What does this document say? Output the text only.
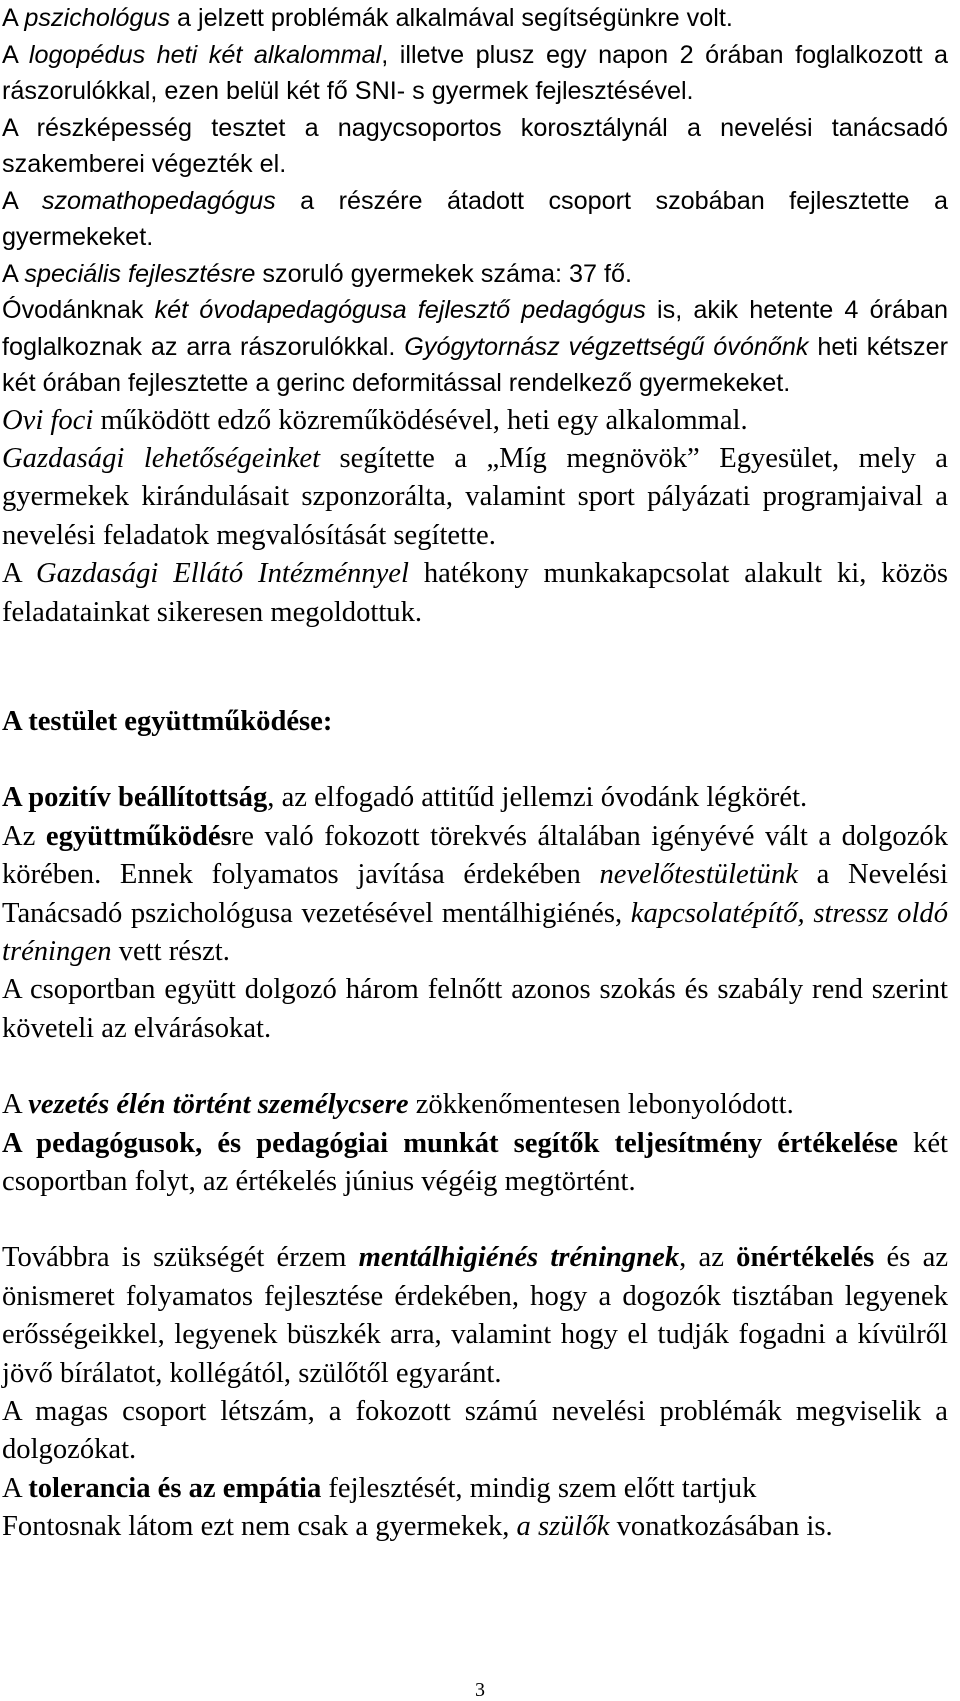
A pszichológus a jelzett problémák alkalmával segítségünkre volt.

A logopédus heti két alkalommal, illetve plusz egy napon 2 órában foglalkozott a rászorulókkal, ezen belül két fő SNI- s gyermek fejlesztésével.

A részképesség tesztet a nagycsoportos korosztálynál a nevelési tanácsadó szakemberei végezték el.

A szomathopedagógus a részére átadott csoport szobában fejlesztette a gyermekeket.

A speciális fejlesztésre szoruló gyermekek száma: 37 fő.

Óvodánknak két óvodapedagógusa fejlesztő pedagógus is, akik hetente 4 órában foglalkoznak az arra rászorulókkal. Gyógytornász végzettségű óvónőnk heti kétszer két órában fejlesztette a gerinc deformitással rendelkező gyermekeket.

Ovi foci működött edző közreműködésével, heti egy alkalommal.

Gazdasági lehetőségeinket segítette a „Míg megnövök” Egyesület, mely a gyermekek kirándulásait szponzorálta, valamint sport pályázati programjaival a nevelési feladatok megvalósítását segítette.

A Gazdasági Ellátó Intézménnyel hatékony munkakapcsolat alakult ki, közös feladatainkat sikeresen megoldottuk.

A testület együttműködése:

A pozitív beállítottság, az elfogadó attitűd jellemzi óvodánk légkörét.

Az együttműködésre való fokozott törekvés általában igényévé vált a dolgozók körében. Ennek folyamatos javítása érdekében nevelőtestületünk a Nevelési Tanácsadó pszichológusa vezetésével mentálhigiénés, kapcsolatépítő, stressz oldó tréningen vett részt.

A csoportban együtt dolgozó három felnőtt azonos szokás és szabály rend szerint követeli az elvárásokat.

A vezetés élén történt személycsere zökkenőmentesen lebonyolódott.

A pedagógusok, és pedagógiai munkát segítők teljesítmény értékelése két csoportban folyt, az értékelés június végéig megtörtént.

Továbbra is szükségét érzem mentálhigiénés tréningnek, az önértékelés és az önismeret folyamatos fejlesztése érdekében, hogy a dogozók tisztában legyenek erősségeikkel, legyenek büszkék arra, valamint hogy el tudják fogadni a kívülről jövő bírálatot, kollégától, szülőtől egyaránt.

A magas csoport létszám, a fokozott számú nevelési problémák megviselik a dolgozókat.

A tolerancia és az empátia fejlesztését, mindig szem előtt tartjuk

Fontosnak látom ezt nem csak a gyermekek, a szülők vonatkozásában is.

3
